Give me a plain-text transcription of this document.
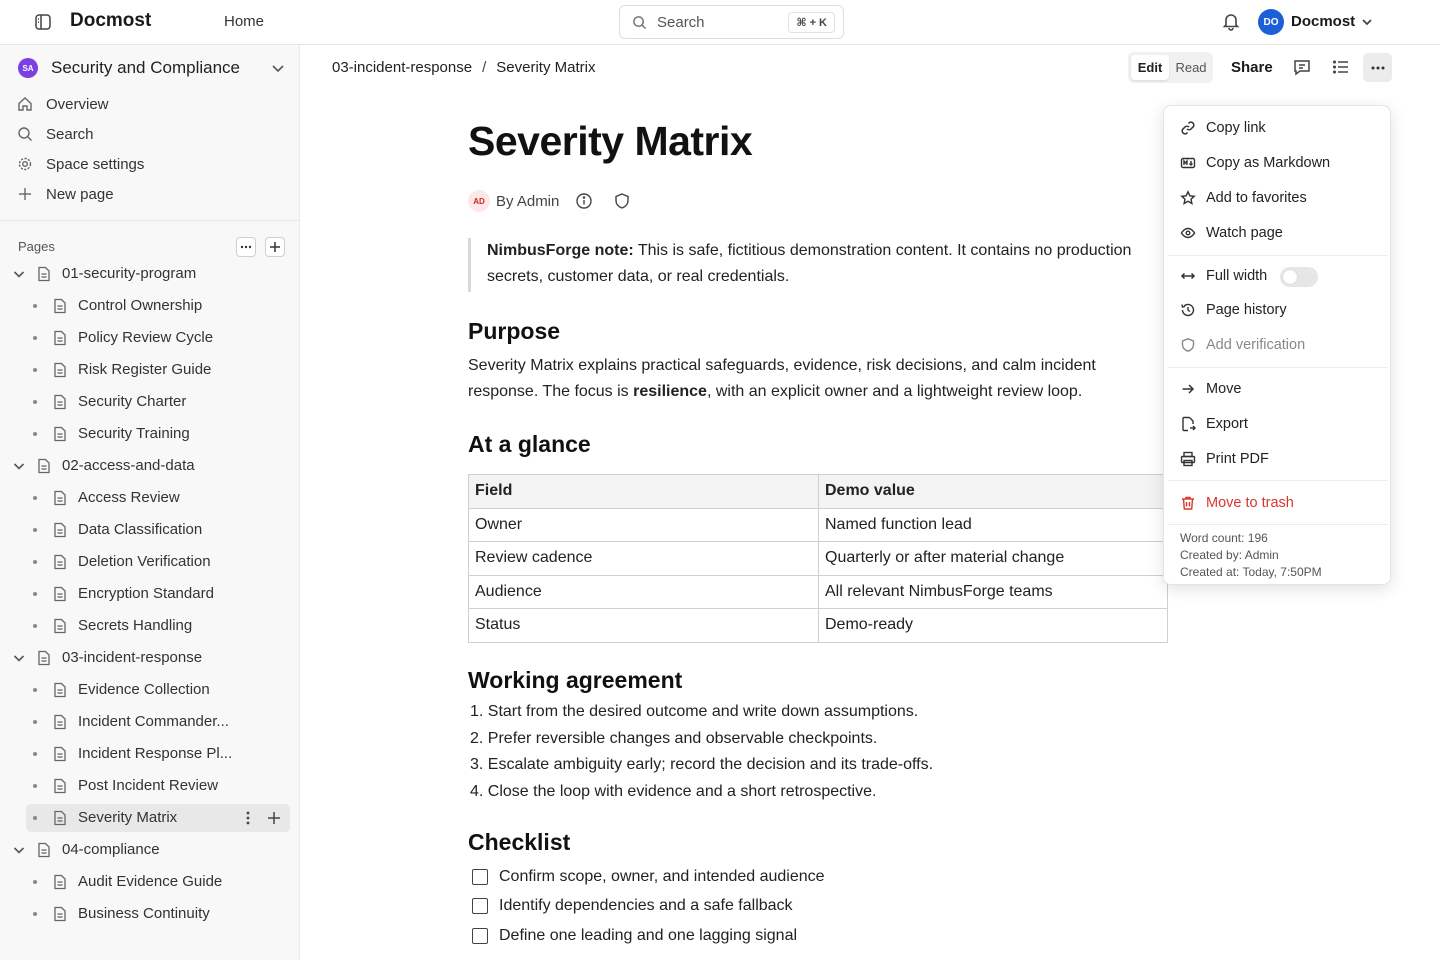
Docmost	Home	Search	⌘ + K	DO Docmost
SA Security and Compliance
Overview
Search
Space settings
New page
Pages
01-security-program
Control Ownership
Policy Review Cycle
Risk Register Guide
Security Charter
Security Training
02-access-and-data
Access Review
Data Classification
Deletion Verification
Encryption Standard
Secrets Handling
03-incident-response
Evidence Collection
Incident Commander...
Incident Response Pl...
Post Incident Review
Severity Matrix
04-compliance
Audit Evidence Guide
Business Continuity
03-incident-response / Severity Matrix	Edit	Read Share
Severity Matrix
AD By Admin
NimbusForge note: This is safe, fictitious demonstration content. It contains no production secrets, customer data, or real credentials.
Purpose
Severity Matrix explains practical safeguards, evidence, risk decisions, and calm incident response. The focus is resilience, with an explicit owner and a lightweight review loop.
At a glance
Field	Demo value
Owner	Named function lead
Review cadence	Quarterly or after material change
Audience	All relevant NimbusForge teams
Status	Demo-ready
Working agreement
1. Start from the desired outcome and write down assumptions.
2. Prefer reversible changes and observable checkpoints.
3. Escalate ambiguity early; record the decision and its trade-offs.
4. Close the loop with evidence and a short retrospective.
Checklist
Confirm scope, owner, and intended audience
Identify dependencies and a safe fallback
Define one leading and one lagging signal
Copy link
Copy as Markdown
Add to favorites
Watch page
Full width
Page history
Add verification
Move
Export
Print PDF
Move to trash
Word count: 196
Created by: Admin
Created at: Today, 7:50PM
